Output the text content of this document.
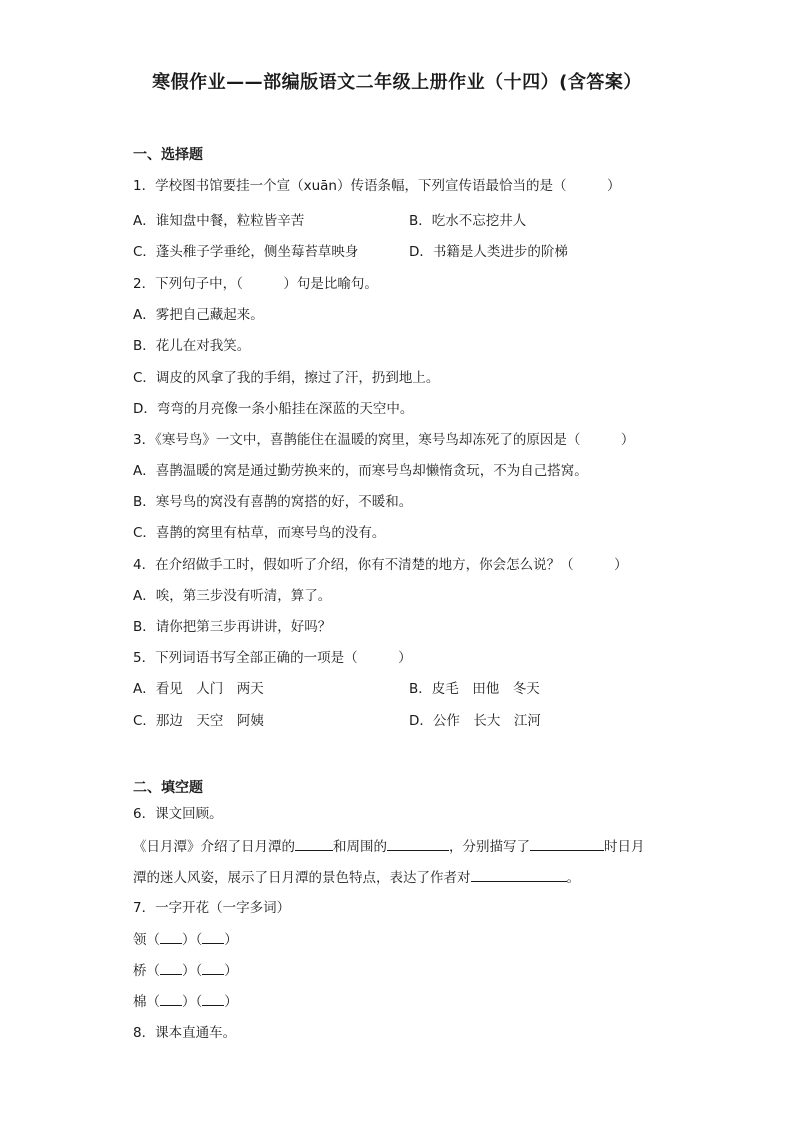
寒假作业——部编版语文二年级上册作业（十四）(含答案）
一、选择题
1．学校图书馆要挂一个宣（xuān）传语条幅，下列宣传语最恰当的是（　　　）
A．谁知盘中餐，粒粒皆辛苦	B．吃水不忘挖井人
C．蓬头稚子学垂纶，侧坐莓苔草映身	D．书籍是人类进步的阶梯
2．下列句子中，（　　　）句是比喻句。
A．雾把自己藏起来。
B．花儿在对我笑。
C．调皮的风拿了我的手绢，擦过了汗，扔到地上。
D．弯弯的月亮像一条小船挂在深蓝的天空中。
3．《寒号鸟》一文中，喜鹊能住在温暖的窝里，寒号鸟却冻死了的原因是（　　　）
A．喜鹊温暖的窝是通过勤劳换来的，而寒号鸟却懒惰贪玩，不为自己搭窝。
B．寒号鸟的窝没有喜鹊的窝搭的好，不暖和。
C．喜鹊的窝里有枯草，而寒号鸟的没有。
4．在介绍做手工时，假如听了介绍，你有不清楚的地方，你会怎么说？（　　　）
A．唉，第三步没有听清，算了。
B．请你把第三步再讲讲，好吗？
5．下列词语书写全部正确的一项是（　　　）
A．看见　人门　两天	B．皮毛　田他　冬天
C．那边　天空　阿姨	D．公作　长大　江河
二、填空题
6．课文回顾。
《日月潭》介绍了日月潭的	和周围的	，分别描写了	时日月
潭的迷人风姿，展示了日月潭的景色特点，表达了作者对	。
7．一字开花（一字多词）
领（ ）（ ）
桥（ ）（ ）
棉（ ）（ ）
8．课本直通车。
